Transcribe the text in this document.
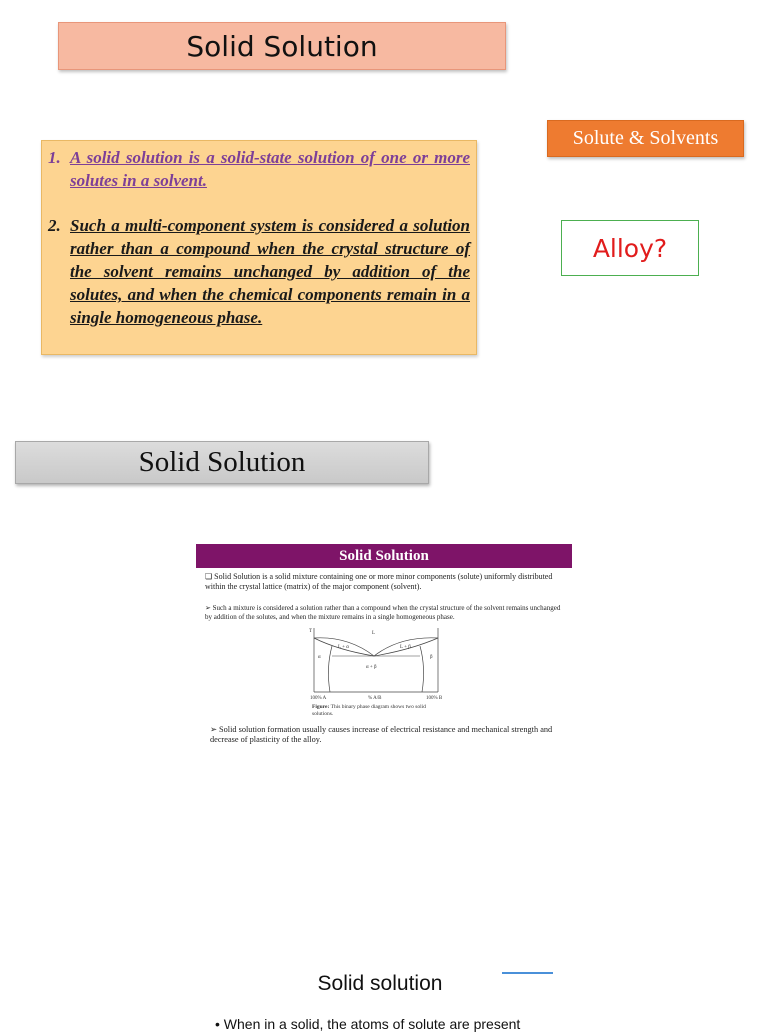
Solid Solution
1. A solid solution is a solid-state solution of one or more solutes in a solvent.
2. Such a multi-component system is considered a solution rather than a compound when the crystal structure of the solvent remains unchanged by addition of the solutes, and when the chemical components remain in a single homogeneous phase.
Solute & Solvents
Alloy?
Solid Solution
Solid Solution
❏ Solid Solution is a solid mixture containing one or more minor components (solute) uniformly distributed within the crystal lattice (matrix) of the major component (solvent).
➢ Such a mixture is considered a solution rather than a compound when the crystal structure of the solvent remains unchanged by addition of the solutes, and when the mixture remains in a single homogeneous phase.
T	L
L + α	L + β
α	β
α + β
100% A	% A/B	100% B
Figure: This binary phase diagram shows two solid solutions.
➢ Solid solution formation usually causes increase of electrical resistance and mechanical strength and decrease of plasticity of the alloy.
Solid solution
• When in a solid, the atoms of solute are present
